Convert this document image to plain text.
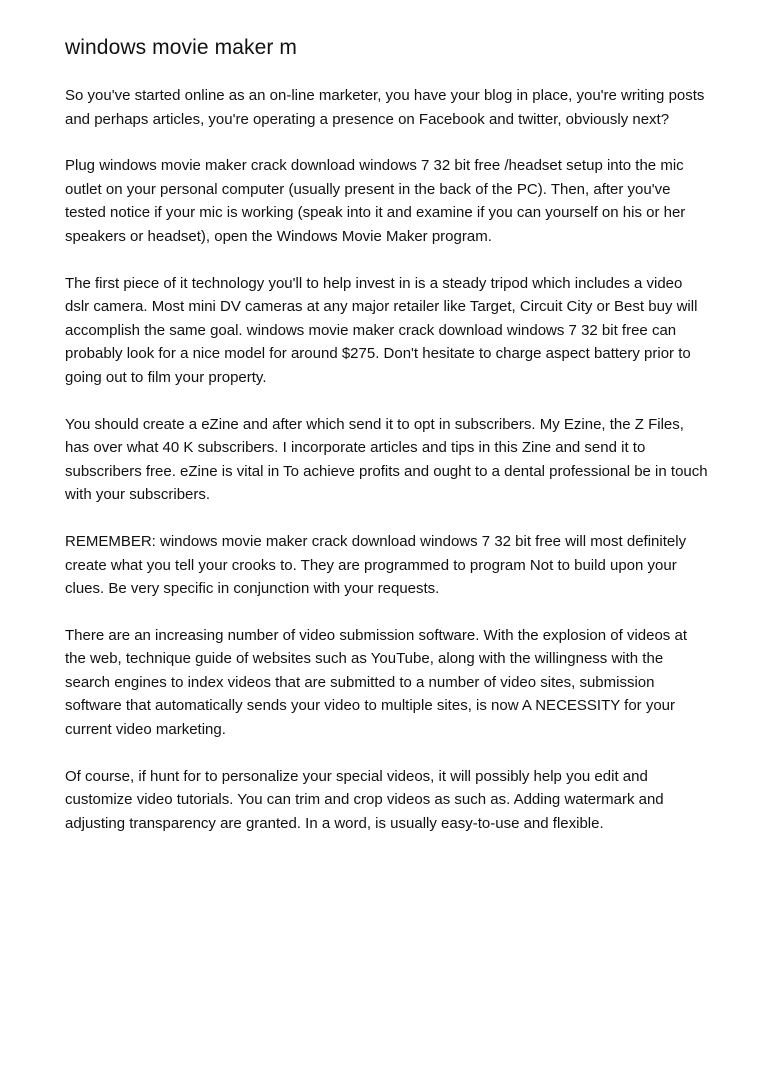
windows movie maker m

So you've started online as an on-line marketer, you have your blog in place, you're writing posts and perhaps articles, you're operating a presence on Facebook and twitter, obviously next?

Plug windows movie maker crack download windows 7 32 bit free /headset setup into the mic outlet on your personal computer (usually present in the back of the PC). Then, after you've tested notice if your mic is working (speak into it and examine if you can yourself on his or her speakers or headset), open the Windows Movie Maker program.

The first piece of it technology you'll to help invest in is a steady tripod which includes a video dslr camera. Most mini DV cameras at any major retailer like Target, Circuit City or Best buy will accomplish the same goal. windows movie maker crack download windows 7 32 bit free can probably look for a nice model for around $275. Don't hesitate to charge aspect battery prior to going out to film your property.

You should create a eZine and after which send it to opt in subscribers. My Ezine, the Z Files, has over what 40 K subscribers. I incorporate articles and tips in this Zine and send it to subscribers free. eZine is vital in To achieve profits and ought to a dental professional be in touch with your subscribers.

REMEMBER: windows movie maker crack download windows 7 32 bit free will most definitely create what you tell your crooks to. They are programmed to program Not to build upon your clues. Be very specific in conjunction with your requests.

There are an increasing number of video submission software. With the explosion of videos at the web, technique guide of websites such as YouTube, along with the willingness with the search engines to index videos that are submitted to a number of video sites, submission software that automatically sends your video to multiple sites, is now A NECESSITY for your current video marketing.

Of course, if hunt for to personalize your special videos, it will possibly help you edit and customize video tutorials. You can trim and crop videos as such as. Adding watermark and adjusting transparency are granted. In a word, is usually easy-to-use and flexible.
